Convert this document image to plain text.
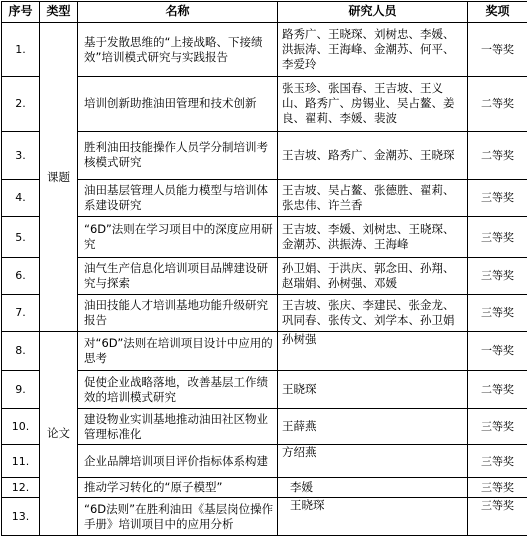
序号	类型	名称	研究人员	奖项
1.	课题	基于发散思维的“上接战略、下接绩效”培训模式研究与实践报告	路秀广、王晓琛、刘树忠、李媛、洪振涛、王海峰、金潮苏、何平、李爱玲	一等奖
2.		培训创新助推油田管理和技术创新	张玉珍、张国春、王吉坡、王义山、路秀广、房锡业、吴占鳌、姜良、翟莉、李媛、裴波	二等奖
3.		胜利油田技能操作人员学分制培训考核模式研究	王吉坡、路秀广、金潮苏、王晓琛	二等奖
4.		油田基层管理人员能力模型与培训体系建设研究	王吉坡、吴占鳌、张德胜、翟莉、张忠伟、许兰香	三等奖
5.		“6D”法则在学习项目中的深度应用研究	王吉坡、李媛、刘树忠、王晓琛、金潮苏、洪振涛、王海峰	三等奖
6.		油气生产信息化培训项目品牌建设研究与探索	孙卫娟、于洪庆、郭念田、孙翔、赵瑞娟、孙树强、邓媛	三等奖
7.		油田技能人才培训基地功能升级研究报告	王吉坡、张庆、李建民、张金龙、巩同春、张传文、刘学本、孙卫娟	三等奖
8.	论文	对“6D”法则在培训项目设计中应用的思考	孙树强	一等奖
9.		促使企业战略落地，改善基层工作绩效的培训模式研究	王晓琛	二等奖
10.		建设物业实训基地推动油田社区物业管理标准化	王薛燕	三等奖
11.		企业品牌培训项目评价指标体系构建	方绍燕	三等奖
12.		推动学习转化的“原子模型”	李媛	三等奖
13.		“6D法则”在胜利油田《基层岗位操作手册》培训项目中的应用分析	王晓琛	三等奖
